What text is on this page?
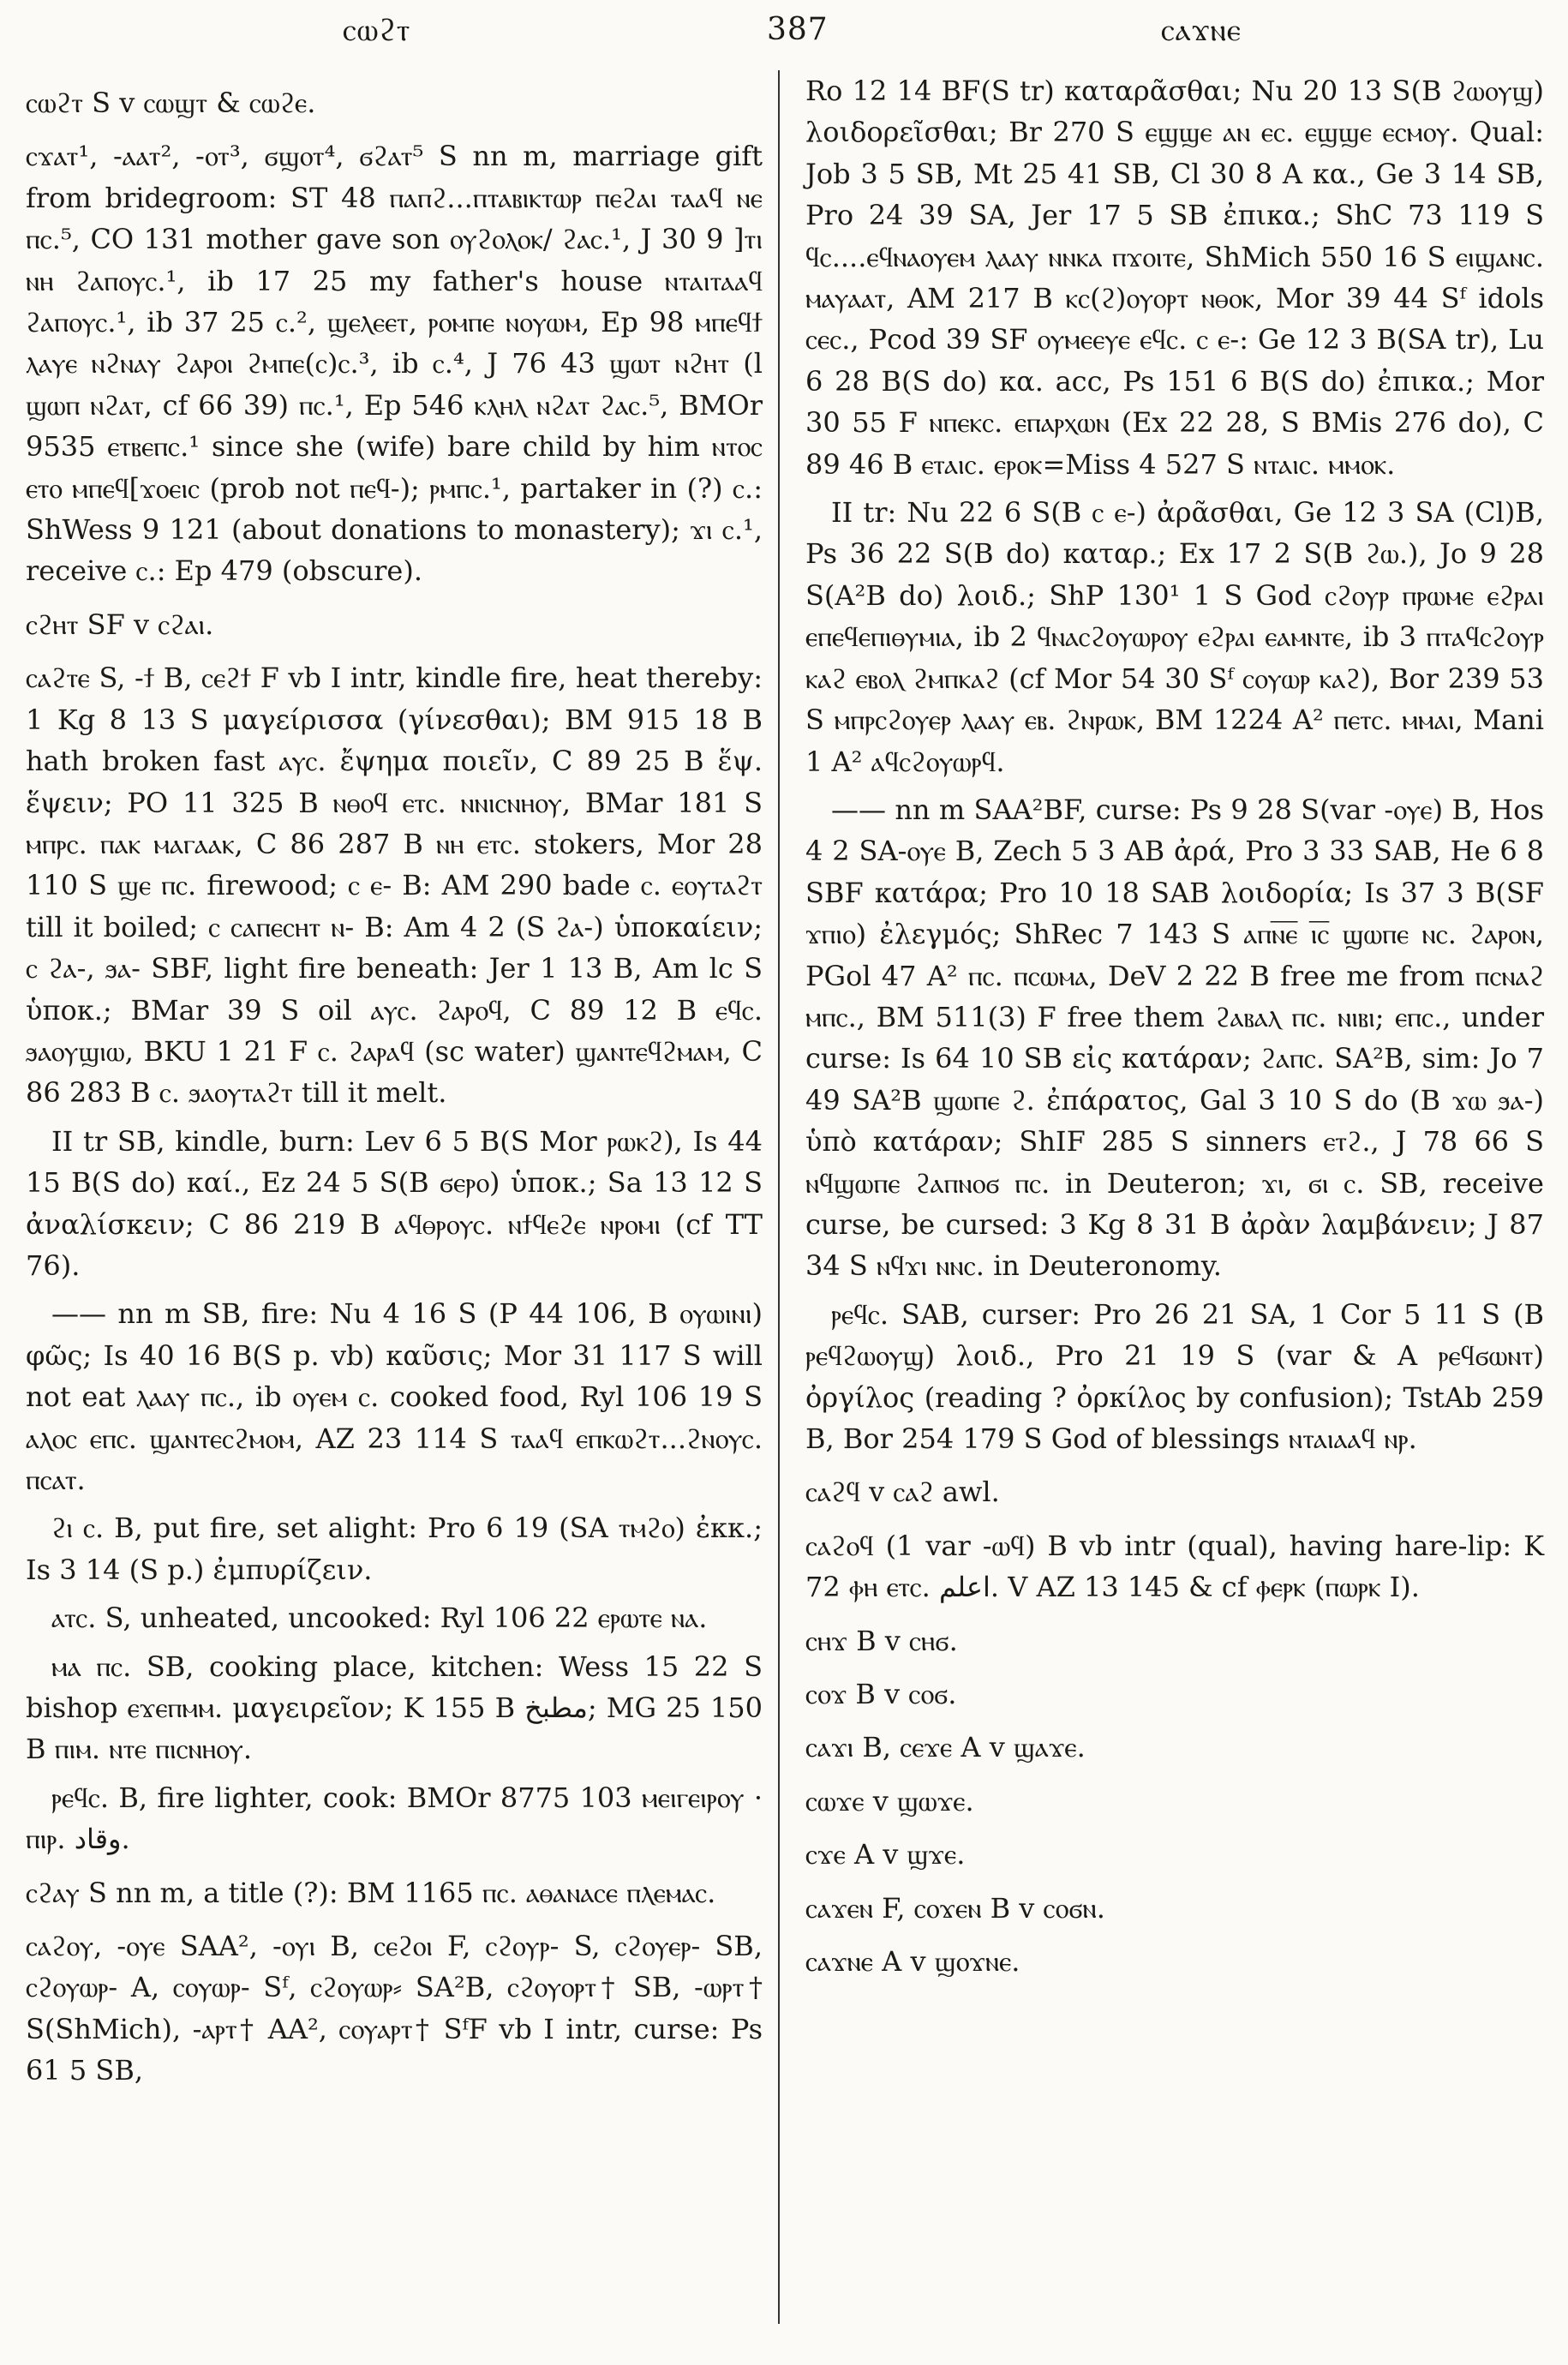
ⲥⲱϩⲧ	387	ⲥⲁϫⲛⲉ

ⲥⲱϩⲧ S v ⲥⲱϣⲧ & ⲥⲱϩⲉ.

ⲥϫⲁⲧ¹, -ⲁⲁⲧ², -ⲟⲧ³, ϭϣⲟⲧ⁴, ϭϩⲁⲧ⁵ S nn m, marriage gift from bridegroom: ST 48 ⲡⲁⲡϩ...ⲡⲧⲁⲃⲓⲕⲧⲱⲣ ⲡⲉϩⲁⲓ ⲧⲁⲁϥ ⲛⲉ ⲡⲥ.⁵, CO 131 mother gave son ⲟⲩϩⲟⲗⲟⲕ/ ϩⲁⲥ.¹, J 30 9 ]ⲧⲓ ⲛⲏ ϩⲁⲡⲟⲩⲥ.¹, ib 17 25 my father's house ⲛⲧⲁⲓⲧⲁⲁϥ ϩⲁⲡⲟⲩⲥ.¹, ib 37 25 ⲥ.², ϣⲉⲗⲉⲉⲧ, ⲣⲟⲙⲡⲉ ⲛⲟⲩⲱⲙ, Ep 98 ⲙⲡⲉϥϯ ⲗⲁⲩⲉ ⲛϩⲛⲁⲩ ϩⲁⲣⲟⲓ ϩⲙⲡⲉ(ⲥ)ⲥ.³, ib ⲥ.⁴, J 76 43 ϣⲱⲧ ⲛϩⲏⲧ (l ϣⲱⲡ ⲛϩⲁⲧ, cf 66 39) ⲡⲥ.¹, Ep 546 ⲕⲗⲏⲗ ⲛϩⲁⲧ ϩⲁⲥ.⁵, BMOr 9535 ⲉⲧⲃⲉⲡⲥ.¹ since she (wife) bare child by him ⲛⲧⲟⲥ ⲉⲧⲟ ⲙⲡⲉϥ[ϫⲟⲉⲓⲥ (prob not ⲡⲉϥ-); ⲣⲙⲡⲥ.¹, partaker in (?) ⲥ.: ShWess 9 121 (about donations to monastery); ϫⲓ ⲥ.¹, receive ⲥ.: Ep 479 (obscure).

ⲥϩⲏⲧ SF v ⲥϩⲁⲓ.

ⲥⲁϩⲧⲉ S, -ϯ B, ⲥⲉϩϯ F vb I intr, kindle fire, heat thereby: 1 Kg 8 13 S μαγείρισσα (γίνεσθαι); BM 915 18 B hath broken fast ⲁⲩⲥ. ἔψημα ποιεῖν, C 89 25 B ἕψ. ἕψειν; PO 11 325 B ⲛⲑⲟϥ ⲉⲧⲥ. ⲛⲛⲓⲥⲛⲏⲟⲩ, BMar 181 S ⲙⲡⲣⲥ. ⲡⲁⲕ ⲙⲁⲅⲁⲁⲕ, C 86 287 B ⲛⲏ ⲉⲧⲥ. stokers, Mor 28 110 S ϣⲉ ⲡⲥ. firewood; ⲥ ⲉ- B: AM 290 bade ⲥ. ⲉⲟⲩⲧⲁϩⲧ till it boiled; ⲥ ⲥⲁⲡⲉⲥⲏⲧ ⲛ- B: Am 4 2 (S ϩⲁ-) ὑποκαίειν; ⲥ ϩⲁ-, ϧⲁ- SBF, light fire beneath: Jer 1 13 B, Am lc S ὑποκ.; BMar 39 S oil ⲁⲩⲥ. ϩⲁⲣⲟϥ, C 89 12 B ⲉϥⲥ. ϧⲁⲟⲩϣⲓⲱ, BKU 1 21 F ⲥ. ϩⲁⲣⲁϥ (sc water) ϣⲁⲛⲧⲉϥϩⲙⲁⲙ, C 86 283 B ⲥ. ϧⲁⲟⲩⲧⲁϩⲧ till it melt.

II tr SB, kindle, burn: Lev 6 5 B(S Mor ⲣⲱⲕϩ), Is 44 15 B(S do) καί., Ez 24 5 S(B ϭⲉⲣⲟ) ὑποκ.; Sa 13 12 S ἀναλίσκειν; C 86 219 B ⲁϥⲑⲣⲟⲩⲥ. ⲛϯϥⲉϩⲉ ⲛⲣⲟⲙⲓ (cf TT 76).

—— nn m SB, fire: Nu 4 16 S (P 44 106, B ⲟⲩⲱⲓⲛⲓ) φῶς; Is 40 16 B(S p. vb) καῦσις; Mor 31 117 S will not eat ⲗⲁⲁⲩ ⲡⲥ., ib ⲟⲩⲉⲙ ⲥ. cooked food, Ryl 106 19 S ⲁⲗⲟⲥ ⲉⲡⲥ. ϣⲁⲛⲧⲉⲥϩⲙⲟⲙ, AZ 23 114 S ⲧⲁⲁϥ ⲉⲡⲕⲱϩⲧ...ϩⲛⲟⲩⲥ. ⲡⲥⲁⲧ.

ϩⲓ ⲥ. B, put fire, set alight: Pro 6 19 (SA ⲧⲙϩⲟ) ἐκκ.; Is 3 14 (S p.) ἐμπυρίζειν.

ⲁⲧⲥ. S, unheated, uncooked: Ryl 106 22 ⲉⲣⲱⲧⲉ ⲛⲁ.

ⲙⲁ ⲡⲥ. SB, cooking place, kitchen: Wess 15 22 S bishop ⲉϫⲉⲡⲙⲙ. μαγειρεῖον; K 155 B مطبخ; MG 25 150 B ⲡⲓⲙ. ⲛⲧⲉ ⲡⲓⲥⲛⲏⲟⲩ.

ⲣⲉϥⲥ. B, fire lighter, cook: BMOr 8775 103 ⲙⲉⲓⲅⲉⲓⲣⲟⲩ · ⲡⲓⲣ. وقاد.

ⲥϩⲁⲩ S nn m, a title (?): BM 1165 ⲡⲥ. ⲁⲑⲁⲛⲁⲥⲉ ⲡⲗⲉⲙⲁⲥ.

ⲥⲁϩⲟⲩ, -ⲟⲩⲉ SAA², -ⲟⲩⲓ B, ⲥⲉϩⲟⲓ F, ⲥϩⲟⲩⲣ- S, ⲥϩⲟⲩⲉⲣ- SB, ⲥϩⲟⲩⲱⲣ- A, ⲥⲟⲩⲱⲣ- Sᶠ, ⲥϩⲟⲩⲱⲣ⸗ SA²B, ⲥϩⲟⲩⲟⲣⲧ† SB, -ⲱⲣⲧ† S(ShMich), -ⲁⲣⲧ† AA², ⲥⲟⲩⲁⲣⲧ† SᶠF vb I intr, curse: Ps 61 5 SB,

Ro 12 14 BF(S tr) καταρᾶσθαι; Nu 20 13 S(B ϩⲱⲟⲩϣ) λοιδορεῖσθαι; Br 270 S ⲉϣϣⲉ ⲁⲛ ⲉⲥ. ⲉϣϣⲉ ⲉⲥⲙⲟⲩ. Qual: Job 3 5 SB, Mt 25 41 SB, Cl 30 8 A κα., Ge 3 14 SB, Pro 24 39 SA, Jer 17 5 SB ἐπικα.; ShC 73 119 S ϥⲥ....ⲉϥⲛⲁⲟⲩⲉⲙ ⲗⲁⲁⲩ ⲛⲛⲕⲁ ⲡϫⲟⲓⲧⲉ, ShMich 550 16 S ⲉⲓϣⲁⲛⲥ. ⲙⲁⲩⲁⲁⲧ, AM 217 B ⲕⲥ(ϩ)ⲟⲩⲟⲣⲧ ⲛⲑⲟⲕ, Mor 39 44 Sᶠ idols ⲥⲉⲥ., Pcod 39 SF ⲟⲩⲙⲉⲉⲩⲉ ⲉϥⲥ. ⲥ ⲉ-: Ge 12 3 B(SA tr), Lu 6 28 B(S do) κα. acc, Ps 151 6 B(S do) ἐπικα.; Mor 30 55 F ⲛⲡⲉⲕⲥ. ⲉⲡⲁⲣⲭⲱⲛ (Ex 22 28, S BMis 276 do), C 89 46 B ⲉⲧⲁⲓⲥ. ⲉⲣⲟⲕ=Miss 4 527 S ⲛⲧⲁⲓⲥ. ⲙⲙⲟⲕ.

II tr: Nu 22 6 S(B ⲥ ⲉ-) ἀρᾶσθαι, Ge 12 3 SA (Cl)B, Ps 36 22 S(B do) καταρ.; Ex 17 2 S(B ϩⲱ.), Jo 9 28 S(A²B do) λοιδ.; ShP 130¹ 1 S God ⲥϩⲟⲩⲣ ⲡⲣⲱⲙⲉ ⲉϩⲣⲁⲓ ⲉⲡⲉϥⲉⲡⲓⲑⲩⲙⲓⲁ, ib 2 ϥⲛⲁⲥϩⲟⲩⲱⲣⲟⲩ ⲉϩⲣⲁⲓ ⲉⲁⲙⲛⲧⲉ, ib 3 ⲡⲧⲁϥⲥϩⲟⲩⲣ ⲕⲁϩ ⲉⲃⲟⲗ ϩⲙⲡⲕⲁϩ (cf Mor 54 30 Sᶠ ⲥⲟⲩⲱⲣ ⲕⲁϩ), Bor 239 53 S ⲙⲡⲣⲥϩⲟⲩⲉⲣ ⲗⲁⲁⲩ ⲉⲃ. ϩⲛⲣⲱⲕ, BM 1224 A² ⲡⲉⲧⲥ. ⲙⲙⲁⲓ, Mani 1 A² ⲁϥⲥϩⲟⲩⲱⲣϥ.

—— nn m SAA²BF, curse: Ps 9 28 S(var -ⲟⲩⲉ) B, Hos 4 2 SA-ⲟⲩⲉ B, Zech 5 3 AB ἀρά, Pro 3 33 SAB, He 6 8 SBF κατάρα; Pro 10 18 SAB λοιδορία; Is 37 3 B(SF ϫⲡⲓⲟ) ἐλεγμός; ShRec 7 143 S ⲁⲡⲛ̅ⲉ̅ ⲓ̅ⲥ̅ ϣⲱⲡⲉ ⲛⲥ. ϩⲁⲣⲟⲛ, PGol 47 A² ⲡⲥ. ⲡⲥⲱⲙⲁ, DeV 2 22 B free me from ⲡⲥⲛⲁϩ ⲙⲡⲥ., BM 511(3) F free them ϩⲁⲃⲁⲗ ⲡⲥ. ⲛⲓⲃⲓ; ⲉⲡⲥ., under curse: Is 64 10 SB εἰς κατάραν; ϩⲁⲡⲥ. SA²B, sim: Jo 7 49 SA²B ϣⲱⲡⲉ ϩ. ἐπάρατος, Gal 3 10 S do (B ϫⲱ ϧⲁ-) ὑπὸ κατάραν; ShIF 285 S sinners ⲉⲧϩ., J 78 66 S ⲛϥϣⲱⲡⲉ ϩⲁⲡⲛⲟϭ ⲡⲥ. in Deuteron; ϫⲓ, ϭⲓ ⲥ. SB, receive curse, be cursed: 3 Kg 8 31 B ἀρὰν λαμβάνειν; J 87 34 S ⲛϥϫⲓ ⲛⲛⲥ. in Deuteronomy.

ⲣⲉϥⲥ. SAB, curser: Pro 26 21 SA, 1 Cor 5 11 S (B ⲣⲉϥϩⲱⲟⲩϣ) λοιδ., Pro 21 19 S (var & A ⲣⲉϥϭⲱⲛⲧ) ὀργίλος (reading ? ὀρκίλος by confusion); TstAb 259 B, Bor 254 179 S God of blessings ⲛⲧⲁⲓⲁⲁϥ ⲛⲣ.

ⲥⲁϩϥ v ⲥⲁϩ awl.

ⲥⲁϩⲟϥ (1 var -ⲱϥ) B vb intr (qual), having hare-lip: K 72 ⲫⲏ ⲉⲧⲥ. اعلم. V AZ 13 145 & cf ⲫⲉⲣⲕ (ⲡⲱⲣⲕ I).

ⲥⲏϫ B v ⲥⲏϭ.

ⲥⲟϫ B v ⲥⲟϭ.

ⲥⲁϫⲓ B, ⲥⲉϫⲉ A v ϣⲁϫⲉ.

ⲥⲱϫⲉ v ϣⲱϫⲉ.

ⲥϫⲉ A v ϣϫⲉ.

ⲥⲁϫⲉⲛ F, ⲥⲟϫⲉⲛ B v ⲥⲟϭⲛ.

ⲥⲁϫⲛⲉ A v ϣⲟϫⲛⲉ.
